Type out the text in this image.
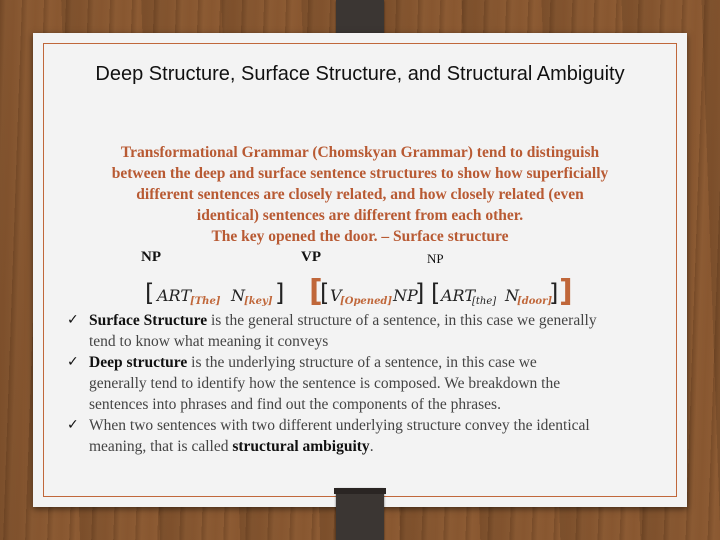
Deep Structure, Surface Structure, and Structural Ambiguity
Transformational Grammar (Chomskyan Grammar) tend to distinguish
between the deep and surface sentence structures to show how superficially
different sentences are closely related, and how closely related (even
identical) sentences are different from each other.
The key opened the door. – Surface structure
NP	VP	NP
[ ART [The] N [key] ] [
[ V
[Opened] NP
] [ ART
[the] N
[door]
] ]
✓ Surface Structure is the general structure of a sentence, in this case we generally
tend to know what meaning it conveys
✓ Deep structure is the underlying structure of a sentence, in this case we
generally tend to identify how the sentence is composed. We breakdown the
sentences into phrases and find out the components of the phrases.
✓ When two sentences with two different underlying structure convey the identical
meaning, that is called structural ambiguity.
